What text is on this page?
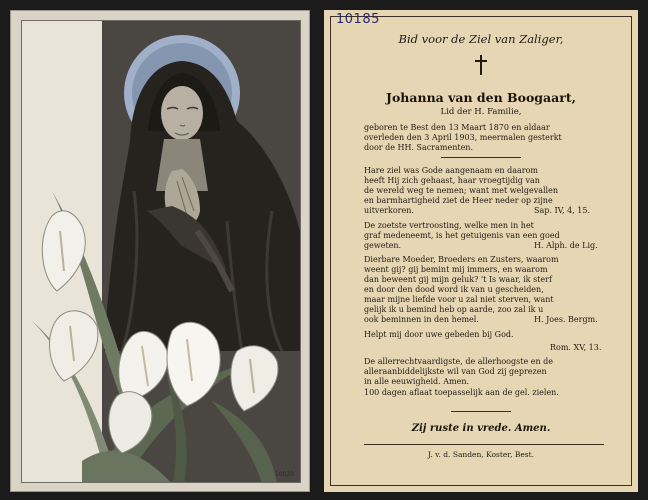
10020
10185
Bid voor de Ziel van Zaliger,
Johanna van den Boogaart,
Lid der H. Familie,
geboren te Best den 13 Maart 1870 en aldaar
overleden den 3 April 1903, meermalen gesterkt
door de HH. Sacramenten.
Hare ziel was Gode aangenaam en daarom
heeft Hij zich gehaast, haar vroegtijdig van
de wereld weg te nemen; want met welgevallen
en barmhartigheid ziet de Heer neder op zijne
uitverkoren.	Sap. IV, 4, 15.
De zoetste vertroosting, welke men in het
graf medeneemt, is het getuigenis van een goed
geweten.	H. Alph. de Lig.
Dierbare Moeder, Broeders en Zusters, waarom
weent gij? gij bemint mij immers, en waarom
dan beweent gij mijn geluk? 't Is waar, ik sterf
en door den dood word ik van u gescheiden,
maar mijne liefde voor u zal niet sterven, want
gelijk ik u bemind heb op aarde, zoo zal ik u
ook beminnen in den hemel.	H. Joes. Bergm.
Helpt mij door uwe gebeden bij God.
Rom. XV, 13.
De allerrechtvaardigste, de allerhoogste en de
alleraanbiddelijkste wil van God zij geprezen
in alle eeuwigheid. Amen.
100 dagen aflaat toepasselijk aan de gel. zielen.
Zij ruste in vrede. Amen.
J. v. d. Sanden, Koster, Best.
